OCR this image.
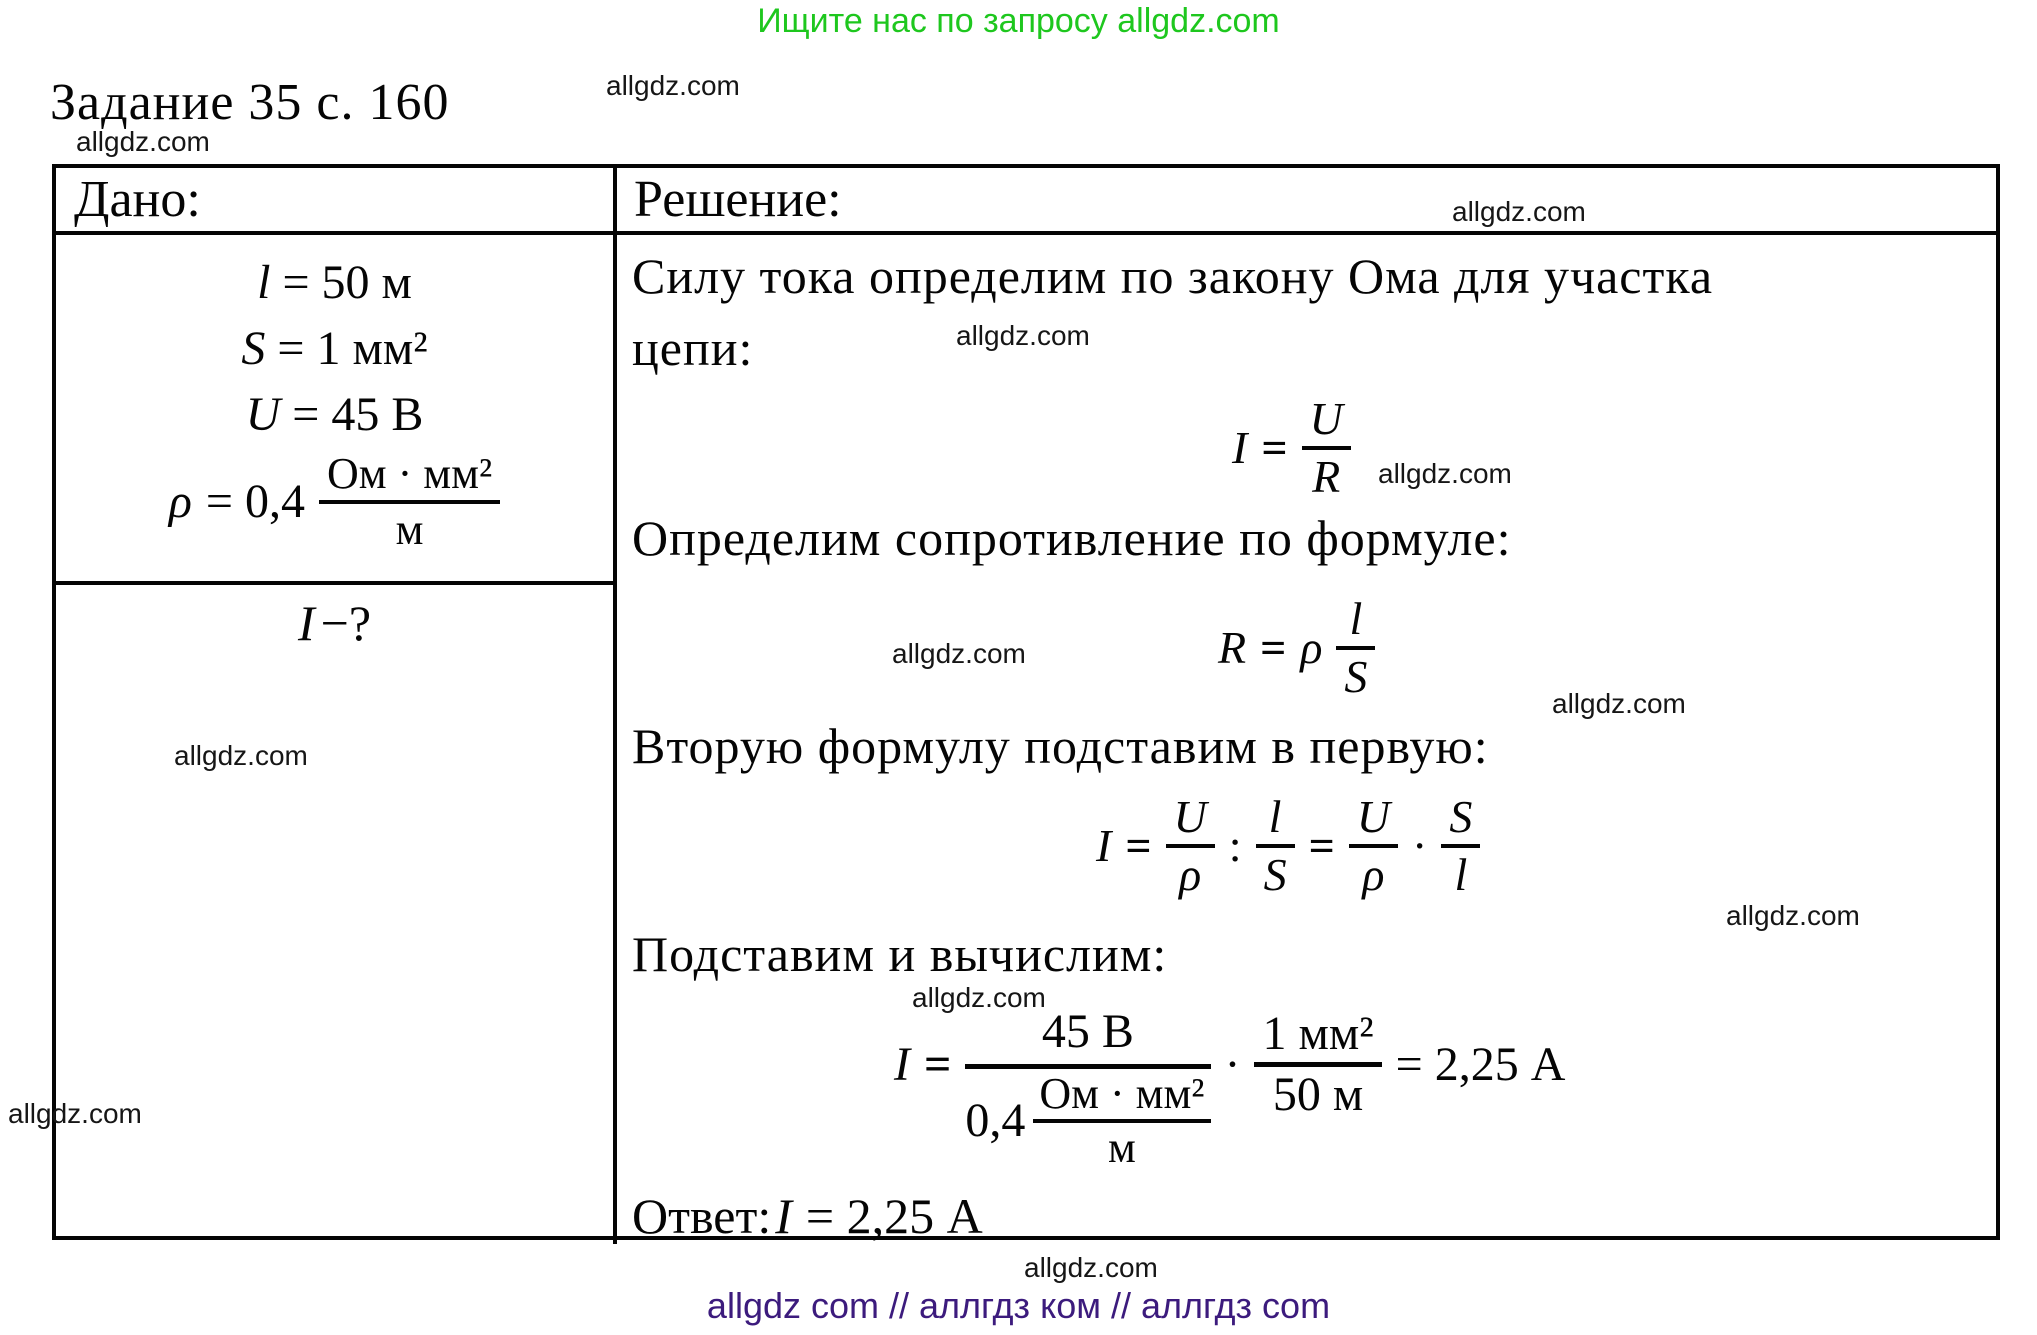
Ищите нас по запросу allgdz.com
Задание 35 с. 160	allgdz.com
allgdz.com
allgdz.com
allgdz.com
allgdz.com
allgdz.com
allgdz.com
allgdz.com
allgdz.com
allgdz.com
allgdz.com
allgdz.com
Дано:	Решение:
l = 50 м
S = 1 мм²
U = 45 В
$\rho = 0,4 \frac{\text{Ом · мм²}}{м}$
I −?
Силу тока определим по закону Ома для участка
цепи:
$I = \frac{U}{R}$
Определим сопротивление по формуле:
R = ρ $\frac{l}{S}$
Вторую формулу подставим в первую:
$I = \frac{U}{\rho}$ : $\frac{l}{S} = \frac{U}{\rho} \cdot \frac{S}{l}$
Подставим и вычислим:
I =
45 В
$0,4 \frac{\text{Ом · мм²}}{м}$
·
1 мм²
50 м
= 2,25 А
Ответ:I = 2,25 А
allgdz com // аллгдз ком // аллгдз com
